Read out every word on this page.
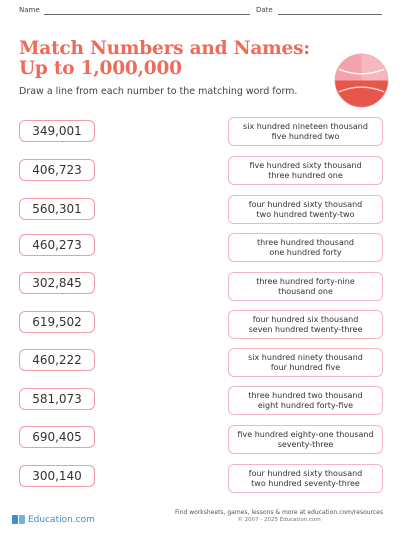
Name	Date
Match Numbers and Names:
Up to 1,000,000

Draw a line from each number to the matching word form.

349,001
406,723
560,301
460,273
302,845
619,502
460,222
581,073
690,405
300,140
six hundred nineteen thousand
five hundred two
five hundred sixty thousand
three hundred one
four hundred sixty thousand
two hundred twenty-two
three hundred thousand
one hundred forty
three hundred forty-nine
thousand one
four hundred six thousand
seven hundred twenty-three
six hundred ninety thousand
four hundred five
three hundred two thousand
eight hundred forty-five
five hundred eighty-one thousand
seventy-three
four hundred sixty thousand
two hundred seventy-three
Education.com
Find worksheets, games, lessons & more at education.com/resources
© 2007 - 2025 Education.com
